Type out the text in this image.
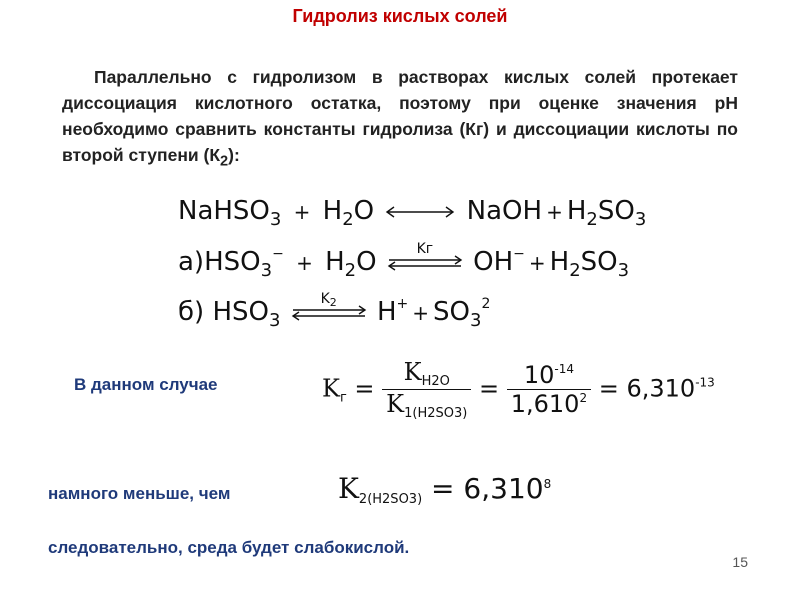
Гидролиз кислых солей
Параллельно с гидролизом в растворах кислых солей протекает диссоциация кислотного остатка, поэтому при оценке значения рН необходимо сравнить константы гидролиза (Кг) и диссоциации кислоты по второй ступени $(К_2)$:
NaHSO$_3$ + $H_2O$	NaOH + $H_2SO_3$
$а)HSO_3^- + H_2O$	Kг	$OH^- + H_2SO_3$
б) $HSO_3$
$K_2$	$H^+ + SO_3^2$
В данном случае	$K_г = \frac{K_{H2O}}{K_{1(H2SO3)}} = \frac{10^{-14}}{1,610^2} = 6,310^{-13}$
намного меньше, чем	$K_{2(H2SO3)} = 6,310^8$
следовательно, среда будет слабокислой.
15
